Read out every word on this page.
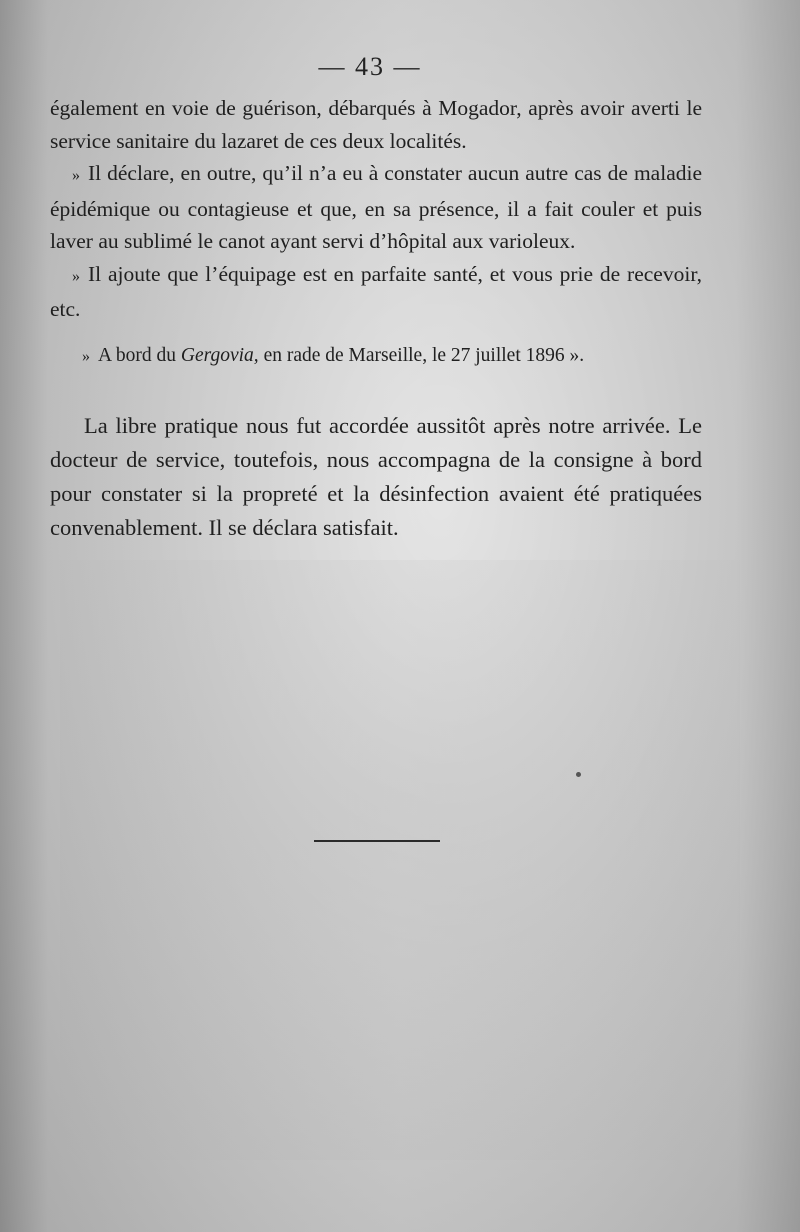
— 43 —

également en voie de guérison, débarqués à Mogador, après avoir averti le service sanitaire du lazaret de ces deux localités.

» Il déclare, en outre, qu’il n’a eu à constater aucun autre cas de maladie épidémique ou contagieuse et que, en sa présence, il a fait couler et puis laver au sublimé le canot ayant servi d’hôpital aux varioleux.

» Il ajoute que l’équipage est en parfaite santé, et vous prie de recevoir, etc.

» A bord du Gergovia, en rade de Marseille, le 27 juillet 1896 ».

La libre pratique nous fut accordée aussitôt après notre arrivée. Le docteur de service, toutefois, nous accompagna de la consigne à bord pour constater si la propreté et la désinfection avaient été pratiquées convenablement. Il se déclara satisfait.
